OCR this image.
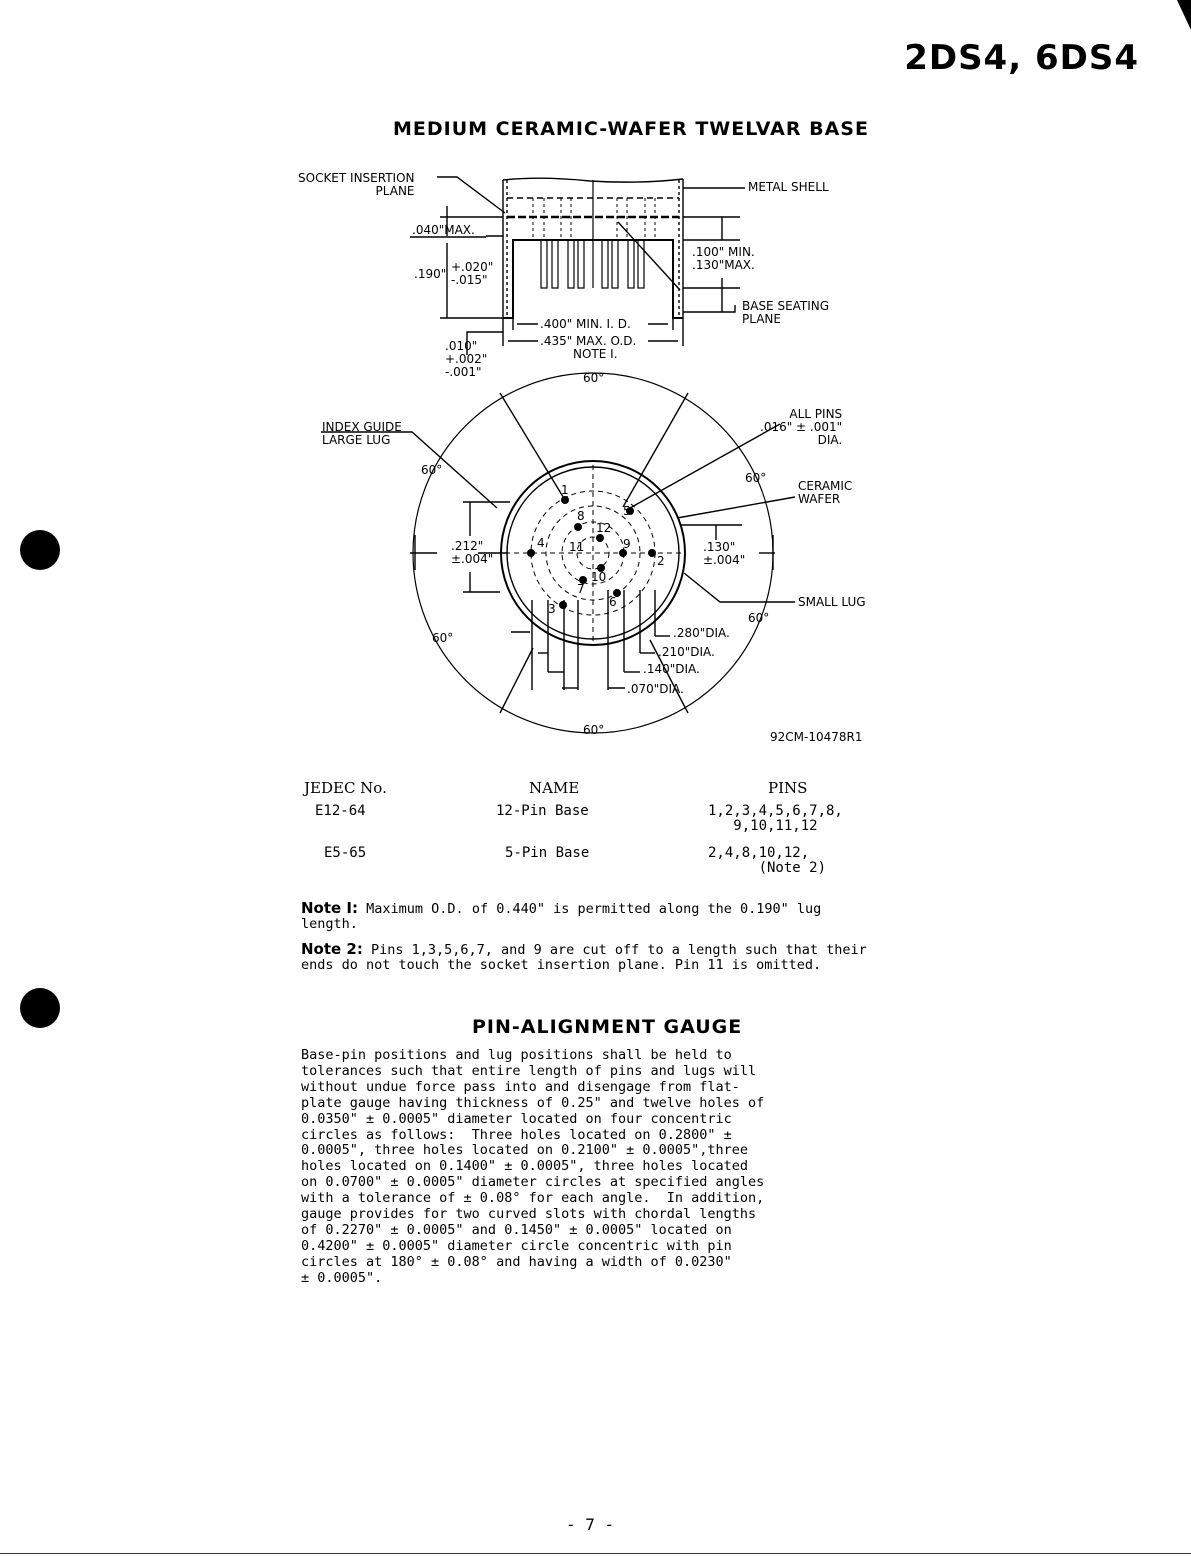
2DS4, 6DS4
MEDIUM CERAMIC-WAFER TWELVAR BASE
SOCKET INSERTION
PLANE	METAL SHELL
.040"MAX.
.100" MIN.
.130"MAX.
.190" +.020"
-.015"
BASE SEATING
PLANE
.400" MIN. I. D.
.435" MAX. O.D.
NOTE I.
.010"
+.002"
-.001"	60°
INDEX GUIDE
LARGE LUG
ALL PINS
.016" ± .001"
DIA.
60°
60°
CERAMIC
WAFER
.212"
±.004"
.130"
±.004"
SMALL LUG
60°
60°	.280"DIA.
.210"DIA.
.140"DIA.
.070"DIA.
60°	92CM-10478R1
1
2
3
4
5
6
7
8
9
10
11
12
JEDEC No.	NAME	PINS
E12-64	12-Pin Base	1,2,3,4,5,6,7,8,
9,10,11,12
E5-65	5-Pin Base	2,4,8,10,12,
(Note 2)
Note I: Maximum O.D. of 0.440" is permitted along the 0.190" lug length.
Note 2: Pins 1,3,5,6,7, and 9 are cut off to a length such that their ends do not touch the socket insertion plane. Pin 11 is omitted.
PIN-ALIGNMENT GAUGE
Base-pin positions and lug positions shall be held to
tolerances such that entire length of pins and lugs will
without undue force pass into and disengage from flat-
plate gauge having thickness of 0.25" and twelve holes of
0.0350" ± 0.0005" diameter located on four concentric
circles as follows:  Three holes located on 0.2800" ±
0.0005", three holes located on 0.2100" ± 0.0005",three
holes located on 0.1400" ± 0.0005", three holes located
on 0.0700" ± 0.0005" diameter circles at specified angles
with a tolerance of ± 0.08° for each angle.  In addition,
gauge provides for two curved slots with chordal lengths
of 0.2270" ± 0.0005" and 0.1450" ± 0.0005" located on
0.4200" ± 0.0005" diameter circle concentric with pin
circles at 180° ± 0.08° and having a width of 0.0230"
± 0.0005".
- 7 -
